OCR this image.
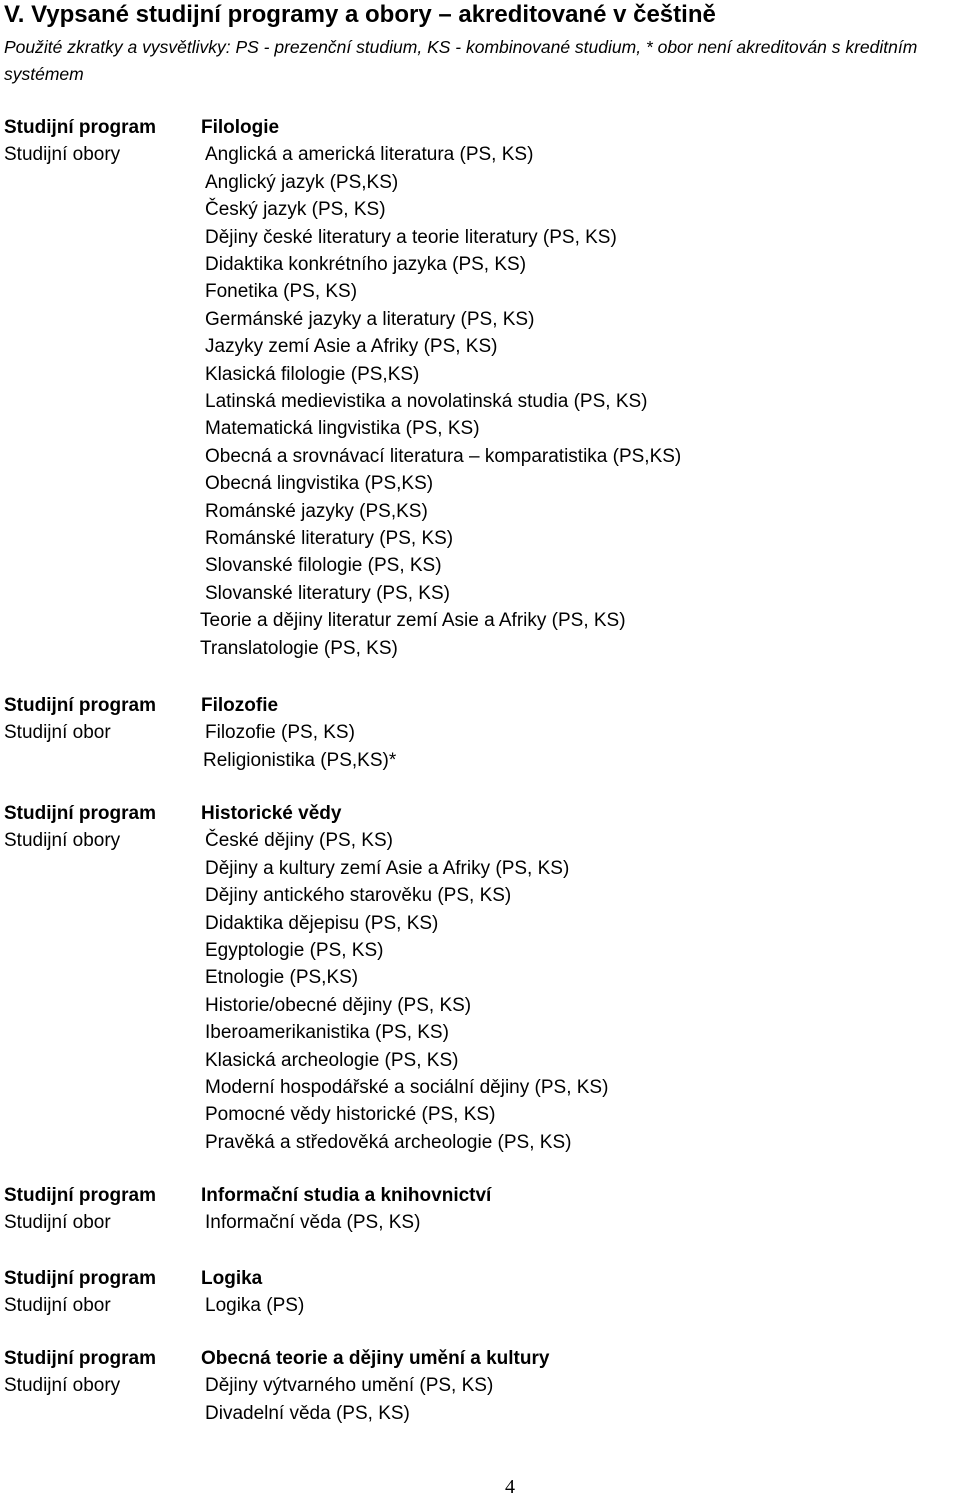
V. Vypsané studijní programy a obory – akreditované v češtině
Použité zkratky a vysvětlivky: PS - prezenční studium, KS - kombinované studium, * obor není akreditován s kreditním systémem
Studijní program
Studijní obory
Filologie
Anglická a americká literatura (PS, KS)
Anglický jazyk (PS,KS)
Český jazyk (PS, KS)
Dějiny české literatury a teorie literatury (PS, KS)
Didaktika konkrétního jazyka (PS, KS)
Fonetika (PS, KS)
Germánské jazyky a literatury (PS, KS)
Jazyky zemí Asie a Afriky (PS, KS)
Klasická filologie (PS,KS)
Latinská medievistika a novolatinská studia (PS, KS)
Matematická lingvistika (PS, KS)
Obecná a srovnávací literatura – komparatistika (PS,KS)
Obecná lingvistika (PS,KS)
Románské jazyky (PS,KS)
Románské literatury (PS, KS)
Slovanské filologie (PS, KS)
Slovanské literatury (PS, KS)
Teorie a dějiny literatur zemí Asie a Afriky (PS, KS)
Translatologie (PS, KS)
Studijní program
Studijní obor
Filozofie
Filozofie (PS, KS)
Religionistika (PS,KS)*
Studijní program
Studijní obory
Historické vědy
České dějiny (PS, KS)
Dějiny a kultury zemí Asie a Afriky (PS, KS)
Dějiny antického starověku (PS, KS)
Didaktika dějepisu (PS, KS)
Egyptologie (PS, KS)
Etnologie (PS,KS)
Historie/obecné dějiny (PS, KS)
Iberoamerikanistika (PS, KS)
Klasická archeologie (PS, KS)
Moderní hospodářské a sociální dějiny (PS, KS)
Pomocné vědy historické (PS, KS)
Pravěká a středověká archeologie (PS, KS)
Studijní program
Studijní obor
Informační studia a knihovnictví
Informační věda (PS, KS)
Studijní program
Studijní obor
Logika
Logika (PS)
Studijní program
Studijní obory
Obecná teorie a dějiny umění a kultury
Dějiny výtvarného umění (PS, KS)
Divadelní věda (PS, KS)
4
